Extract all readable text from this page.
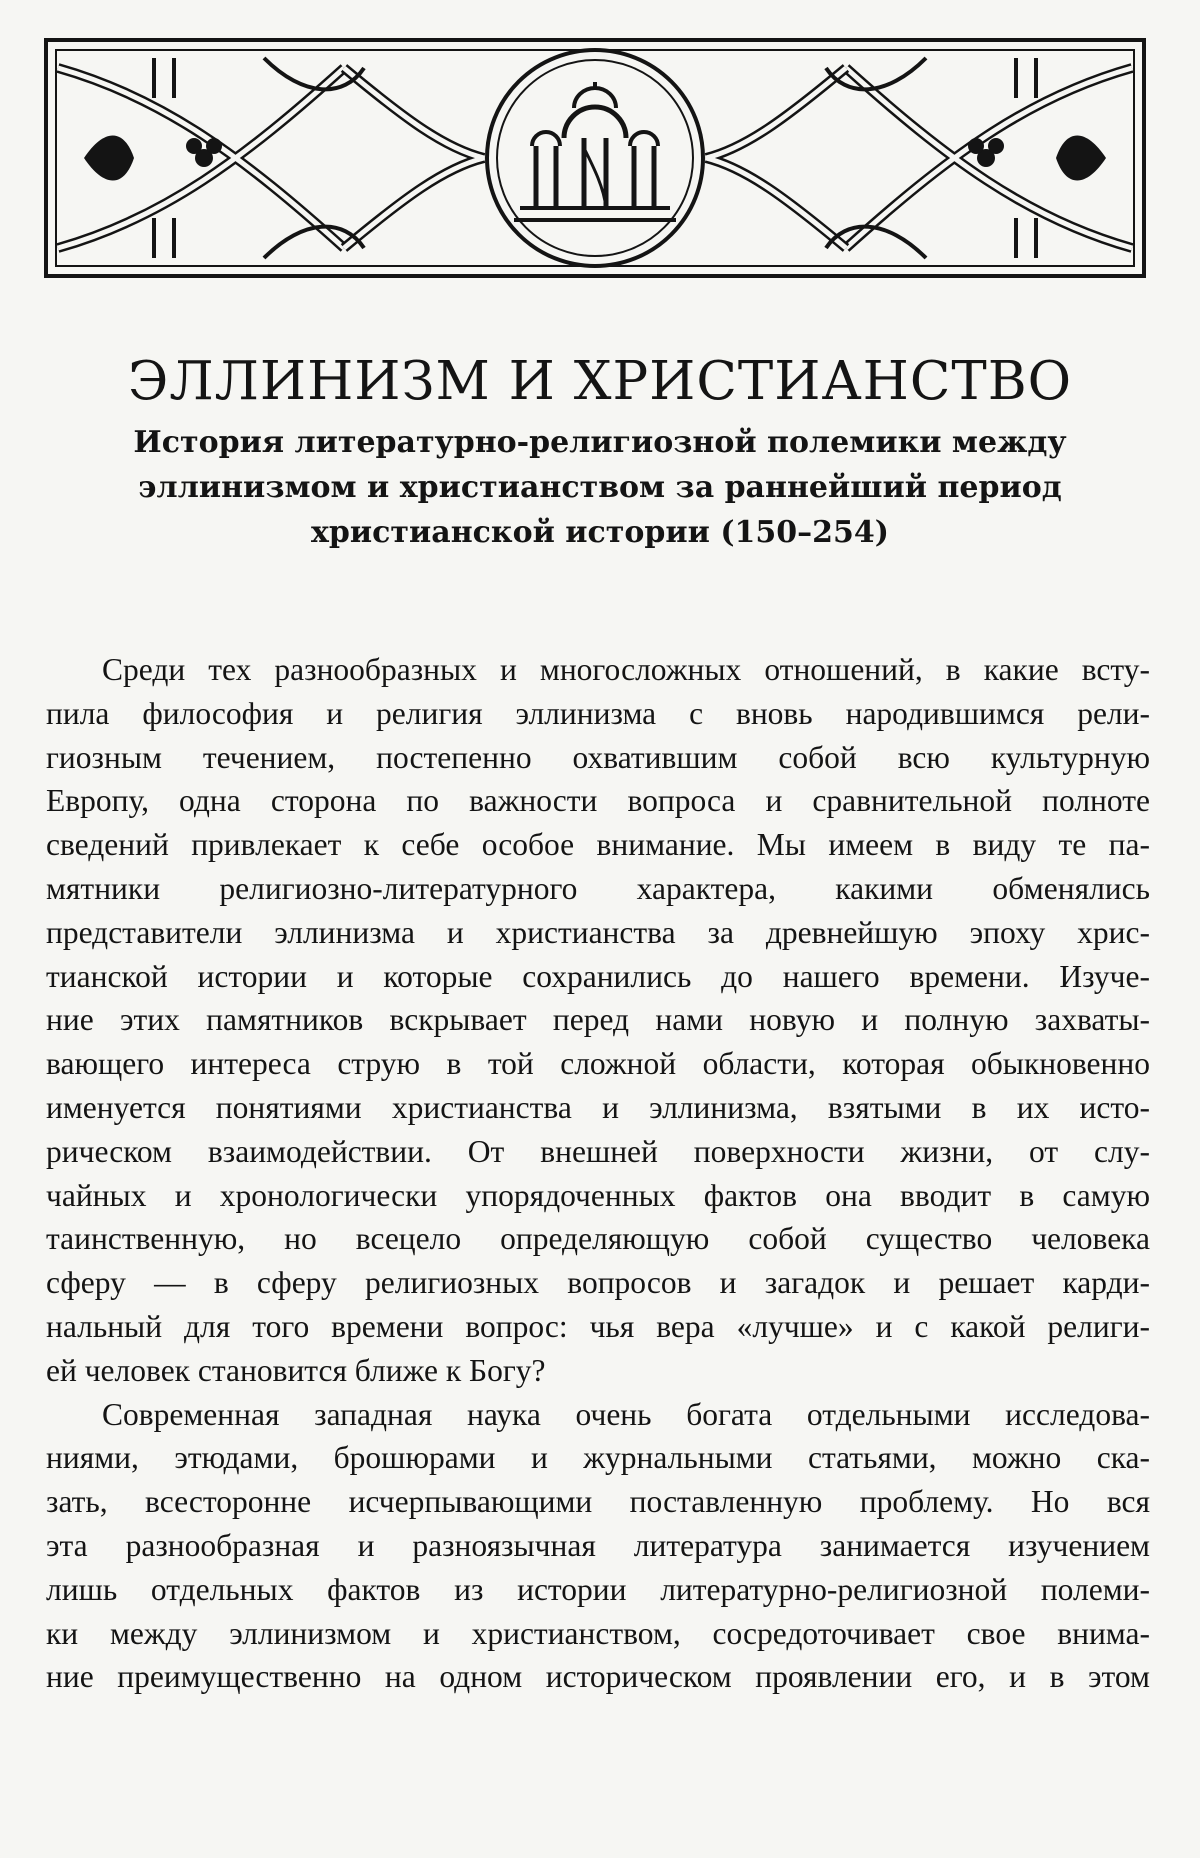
ЭЛЛИНИЗМ И ХРИСТИАНСТВО
История литературно-религиозной полемики между
эллинизмом и христианством за раннейший период
христианской истории (150–254)
Среди тех разнообразных и многосложных отношений, в какие всту-
пила философия и религия эллинизма с вновь народившимся рели-
гиозным течением, постепенно охватившим собой всю культурную
Европу, одна сторона по важности вопроса и сравнительной полноте
сведений привлекает к себе особое внимание. Мы имеем в виду те па-
мятники религиозно-литературного характера, какими обменялись
представители эллинизма и христианства за древнейшую эпоху хрис-
тианской истории и которые сохранились до нашего времени. Изуче-
ние этих памятников вскрывает перед нами новую и полную захваты-
вающего интереса струю в той сложной области, которая обыкновенно
именуется понятиями христианства и эллинизма, взятыми в их исто-
рическом взаимодействии. От внешней поверхности жизни, от слу-
чайных и хронологически упорядоченных фактов она вводит в самую
таинственную, но всецело определяющую собой существо человека
сферу — в сферу религиозных вопросов и загадок и решает карди-
нальный для того времени вопрос: чья вера «лучше» и с какой религи-
ей человек становится ближе к Богу?
Современная западная наука очень богата отдельными исследова-
ниями, этюдами, брошюрами и журнальными статьями, можно ска-
зать, всесторонне исчерпывающими поставленную проблему. Но вся
эта разнообразная и разноязычная литература занимается изучением
лишь отдельных фактов из истории литературно-религиозной полеми-
ки между эллинизмом и христианством, сосредоточивает свое внима-
ние преимущественно на одном историческом проявлении его, и в этом
